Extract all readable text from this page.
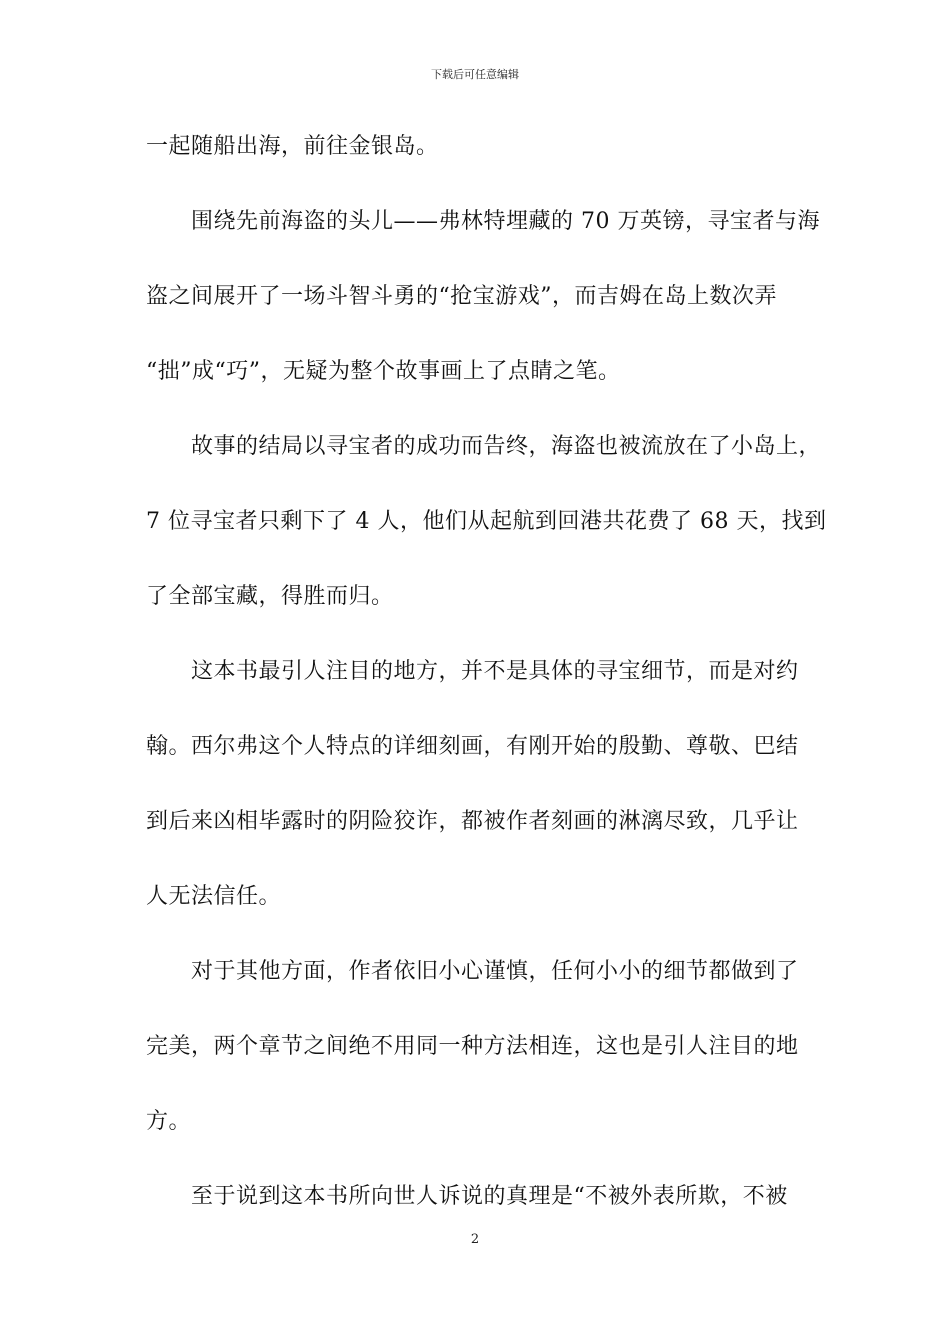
下载后可任意编辑
一起随船出海，前往金银岛。
围绕先前海盗的头儿——弗林特埋藏的 70 万英镑，寻宝者与海
盗之间展开了一场斗智斗勇的“抢宝游戏”，而吉姆在岛上数次弄
“拙”成“巧”，无疑为整个故事画上了点睛之笔。
故事的结局以寻宝者的成功而告终，海盗也被流放在了小岛上，
7 位寻宝者只剩下了 4 人，他们从起航到回港共花费了 68 天，找到
了全部宝藏，得胜而归。
这本书最引人注目的地方，并不是具体的寻宝细节，而是对约
翰。西尔弗这个人特点的详细刻画，有刚开始的殷勤、尊敬、巴结
到后来凶相毕露时的阴险狡诈，都被作者刻画的淋漓尽致，几乎让
人无法信任。
对于其他方面，作者依旧小心谨慎，任何小小的细节都做到了
完美，两个章节之间绝不用同一种方法相连，这也是引人注目的地
方。
至于说到这本书所向世人诉说的真理是“不被外表所欺，不被
2
